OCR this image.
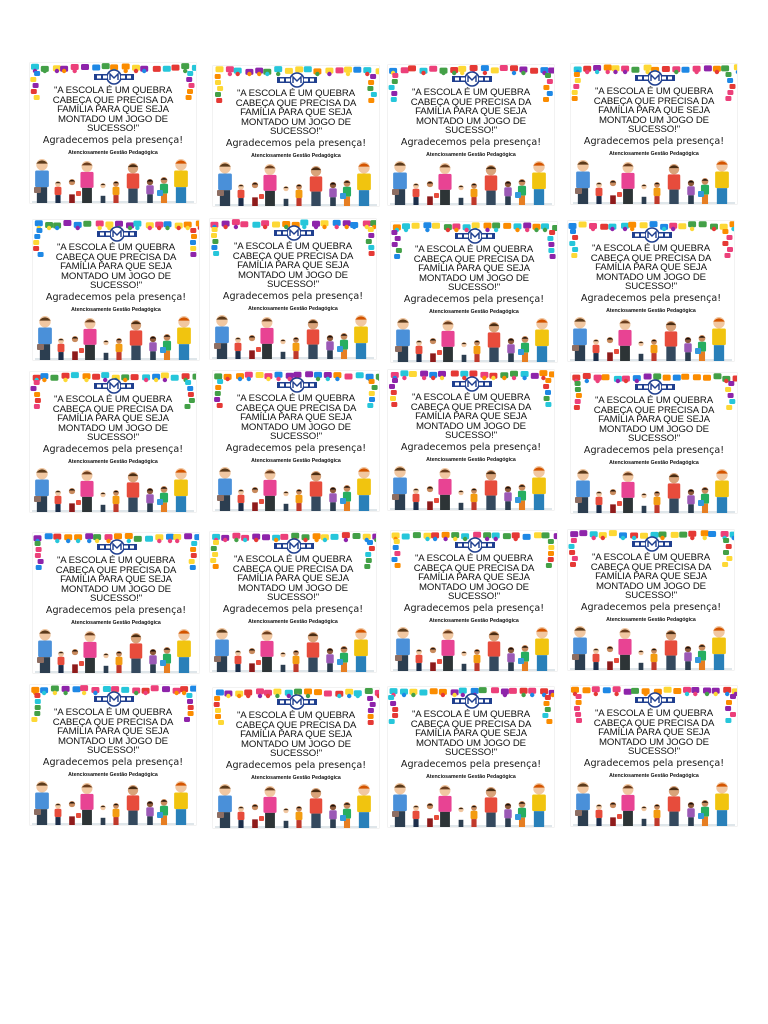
"A ESCOLA É UM QUEBRA
CABEÇA QUE PRECISA DA
FAMÍLIA PARA QUE SEJA
MONTADO UM JOGO DE
SUCESSO!"
Agradecemos pela presença!
Atenciosamente Gestão Pedagógica
"A ESCOLA É UM QUEBRA
CABEÇA QUE PRECISA DA
FAMÍLIA PARA QUE SEJA
MONTADO UM JOGO DE
SUCESSO!"
Agradecemos pela presença!
Atenciosamente Gestão Pedagógica
"A ESCOLA É UM QUEBRA
CABEÇA QUE PRECISA DA
FAMÍLIA PARA QUE SEJA
MONTADO UM JOGO DE
SUCESSO!"
Agradecemos pela presença!
Atenciosamente Gestão Pedagógica
"A ESCOLA É UM QUEBRA
CABEÇA QUE PRECISA DA
FAMÍLIA PARA QUE SEJA
MONTADO UM JOGO DE
SUCESSO!"
Agradecemos pela presença!
Atenciosamente Gestão Pedagógica
"A ESCOLA É UM QUEBRA
CABEÇA QUE PRECISA DA
FAMÍLIA PARA QUE SEJA
MONTADO UM JOGO DE
SUCESSO!"
Agradecemos pela presença!
Atenciosamente Gestão Pedagógica
"A ESCOLA É UM QUEBRA
CABEÇA QUE PRECISA DA
FAMÍLIA PARA QUE SEJA
MONTADO UM JOGO DE
SUCESSO!"
Agradecemos pela presença!
Atenciosamente Gestão Pedagógica
"A ESCOLA É UM QUEBRA
CABEÇA QUE PRECISA DA
FAMÍLIA PARA QUE SEJA
MONTADO UM JOGO DE
SUCESSO!"
Agradecemos pela presença!
Atenciosamente Gestão Pedagógica
"A ESCOLA É UM QUEBRA
CABEÇA QUE PRECISA DA
FAMÍLIA PARA QUE SEJA
MONTADO UM JOGO DE
SUCESSO!"
Agradecemos pela presença!
Atenciosamente Gestão Pedagógica
"A ESCOLA É UM QUEBRA
CABEÇA QUE PRECISA DA
FAMÍLIA PARA QUE SEJA
MONTADO UM JOGO DE
SUCESSO!"
Agradecemos pela presença!
Atenciosamente Gestão Pedagógica
"A ESCOLA É UM QUEBRA
CABEÇA QUE PRECISA DA
FAMÍLIA PARA QUE SEJA
MONTADO UM JOGO DE
SUCESSO!"
Agradecemos pela presença!
Atenciosamente Gestão Pedagógica
"A ESCOLA É UM QUEBRA
CABEÇA QUE PRECISA DA
FAMÍLIA PARA QUE SEJA
MONTADO UM JOGO DE
SUCESSO!"
Agradecemos pela presença!
Atenciosamente Gestão Pedagógica
"A ESCOLA É UM QUEBRA
CABEÇA QUE PRECISA DA
FAMÍLIA PARA QUE SEJA
MONTADO UM JOGO DE
SUCESSO!"
Agradecemos pela presença!
Atenciosamente Gestão Pedagógica
"A ESCOLA É UM QUEBRA
CABEÇA QUE PRECISA DA
FAMÍLIA PARA QUE SEJA
MONTADO UM JOGO DE
SUCESSO!"
Agradecemos pela presença!
Atenciosamente Gestão Pedagógica
"A ESCOLA É UM QUEBRA
CABEÇA QUE PRECISA DA
FAMÍLIA PARA QUE SEJA
MONTADO UM JOGO DE
SUCESSO!"
Agradecemos pela presença!
Atenciosamente Gestão Pedagógica
"A ESCOLA É UM QUEBRA
CABEÇA QUE PRECISA DA
FAMÍLIA PARA QUE SEJA
MONTADO UM JOGO DE
SUCESSO!"
Agradecemos pela presença!
Atenciosamente Gestão Pedagógica
"A ESCOLA É UM QUEBRA
CABEÇA QUE PRECISA DA
FAMÍLIA PARA QUE SEJA
MONTADO UM JOGO DE
SUCESSO!"
Agradecemos pela presença!
Atenciosamente Gestão Pedagógica
"A ESCOLA É UM QUEBRA
CABEÇA QUE PRECISA DA
FAMÍLIA PARA QUE SEJA
MONTADO UM JOGO DE
SUCESSO!"
Agradecemos pela presença!
Atenciosamente Gestão Pedagógica
"A ESCOLA É UM QUEBRA
CABEÇA QUE PRECISA DA
FAMÍLIA PARA QUE SEJA
MONTADO UM JOGO DE
SUCESSO!"
Agradecemos pela presença!
Atenciosamente Gestão Pedagógica
"A ESCOLA É UM QUEBRA
CABEÇA QUE PRECISA DA
FAMÍLIA PARA QUE SEJA
MONTADO UM JOGO DE
SUCESSO!"
Agradecemos pela presença!
Atenciosamente Gestão Pedagógica
"A ESCOLA É UM QUEBRA
CABEÇA QUE PRECISA DA
FAMÍLIA PARA QUE SEJA
MONTADO UM JOGO DE
SUCESSO!"
Agradecemos pela presença!
Atenciosamente Gestão Pedagógica
